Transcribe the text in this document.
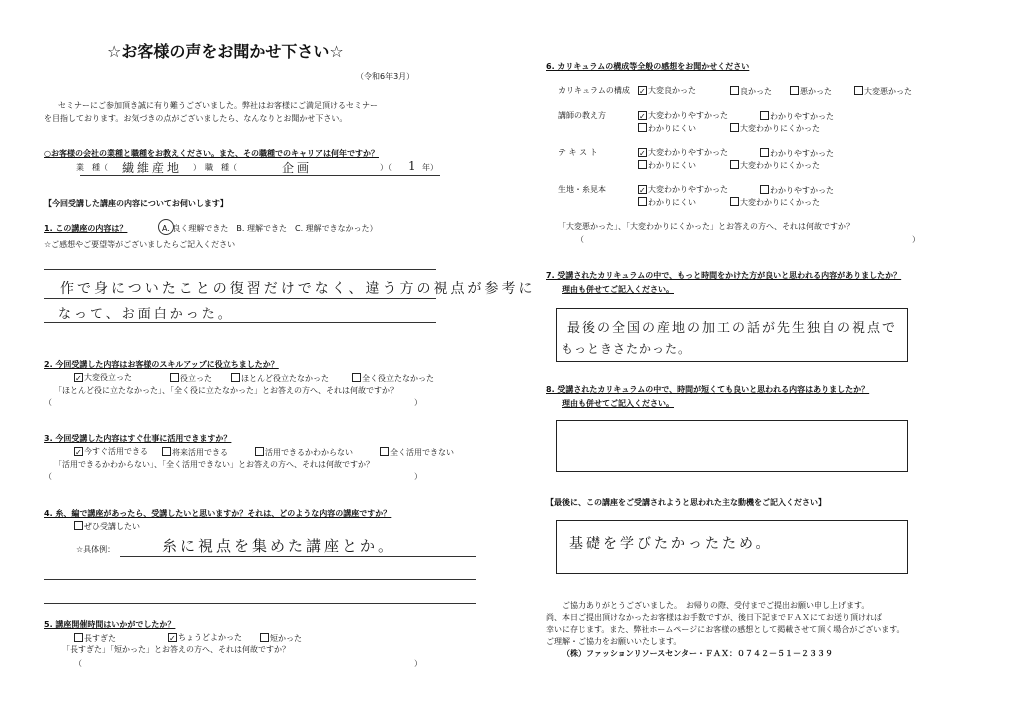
☆お客様の声をお聞かせ下さい☆
（令和6年3月）
セミナーにご参加頂き誠に有り難うございました。弊社はお客様にご満足頂けるセミナー
を目指しております。お気づきの点がございましたら、なんなりとお聞かせ下さい。
○お客様の会社の業種と職種をお教えください。また、その職種でのキャリアは何年ですか？
業　種（ 繊維産地 ）　職　種（	企画	）（ 1 年）
【今回受講した講座の内容についてお伺いします】
1. この講座の内容は？	A. 良く理解できた　B. 理解できた　C. 理解できなかった）
☆ご感想やご要望等がございましたらご記入ください
作で身についたことの復習だけでなく、違う方の視点が参考に
なって、お面白かった。
2. 今回受講した内容はお客様のスキルアップに役立ちましたか？
✓ 大変役立った	役立った	ほとんど役立たなかった	全く役立たなかった
「ほとんど役に立たなかった」、「全く役に立たなかった」とお答えの方へ、それは何故ですか？
（	）
3. 今回受講した内容はすぐ仕事に活用できますか？
✓ 今すぐ活用できる	将来活用できる	活用できるかわからない	全く活用できない
「活用できるかわからない」、「全く活用できない」とお答えの方へ、それは何故ですか？
（	）
4. 糸、編で講座があったら、受講したいと思いますか？それは、どのような内容の講座ですか？
ぜひ受講したい
☆具体例：	糸に視点を集めた講座とか。
5. 講座開催時間はいかがでしたか？
長すぎた	✓ ちょうどよかった	短かった
「長すぎた」「短かった」とお答えの方へ、それは何故ですか？
（	）
6. カリキュラムの構成等全般の感想をお聞かせください
カリキュラムの構成 ✓ 大変良かった	良かった	悪かった	大変悪かった
講師の教え方	✓ 大変わかりやすかった	わかりやすかった
わかりにくい	大変わかりにくかった
テ キ ス ト	✓ 大変わかりやすかった	わかりやすかった
わかりにくい	大変わかりにくかった
生地・糸見本	✓ 大変わかりやすかった	わかりやすかった
わかりにくい	大変わかりにくかった
「大変悪かった」、「大変わかりにくかった」とお答えの方へ、それは何故ですか？
（	）
7. 受講されたカリキュラムの中で、もっと時間をかけた方が良いと思われる内容がありましたか？
理由も併せてご記入ください。
最後の全国の産地の加工の話が先生独自の視点で
もっときさたかった。
8. 受講されたカリキュラムの中で、時間が短くても良いと思われる内容はありましたか？
理由も併せてご記入ください。
【最後に、この講座をご受講されようと思われた主な動機をご記入ください】
基礎を学びたかったため。
ご協力ありがとうございました。　お帰りの際、受付までご提出お願い申し上げます。
尚、本日ご提出頂けなかったお客様はお手数ですが、後日下記までＦＡＸにてお送り頂ければ
幸いに存じます。また、弊社ホームページにお客様の感想として掲載させて頂く場合がございます。
ご理解・ご協力をお願いいたします。
（株）ファッションリソースセンター・ＦＡＸ：０７４２－５１－２３３９
